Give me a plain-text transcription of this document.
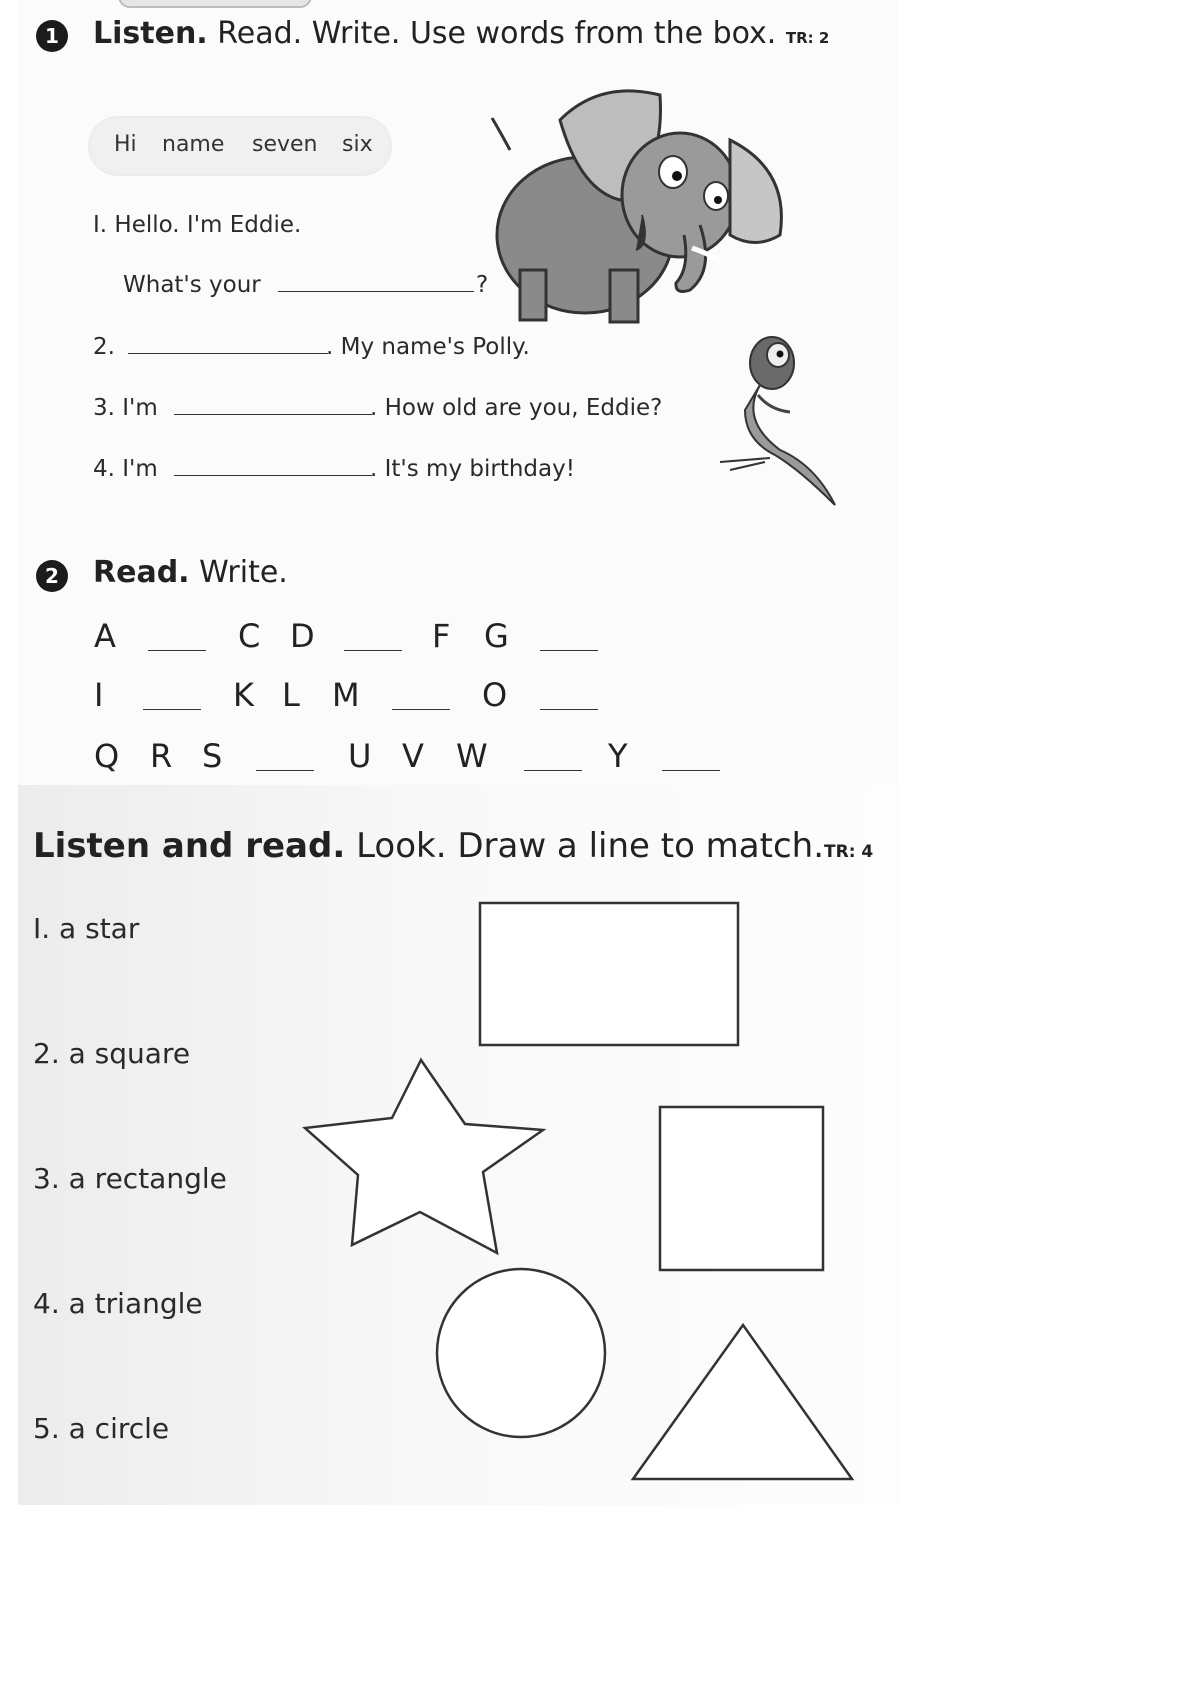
1	Listen. Read. Write. Use words from the box. TR: 2
Hi name seven six
I. Hello. I'm Eddie.
What's your	?
2.	. My name's Polly.
3. I'm	. How old are you, Eddie?
4. I'm	. It's my birthday!
2	Read. Write.
A	C D	F G
I	K L M	O
Q R S	U V W	Y
Listen and read. Look. Draw a line to match.TR: 4
I. a star
2. a square
3. a rectangle
4. a triangle
5. a circle
